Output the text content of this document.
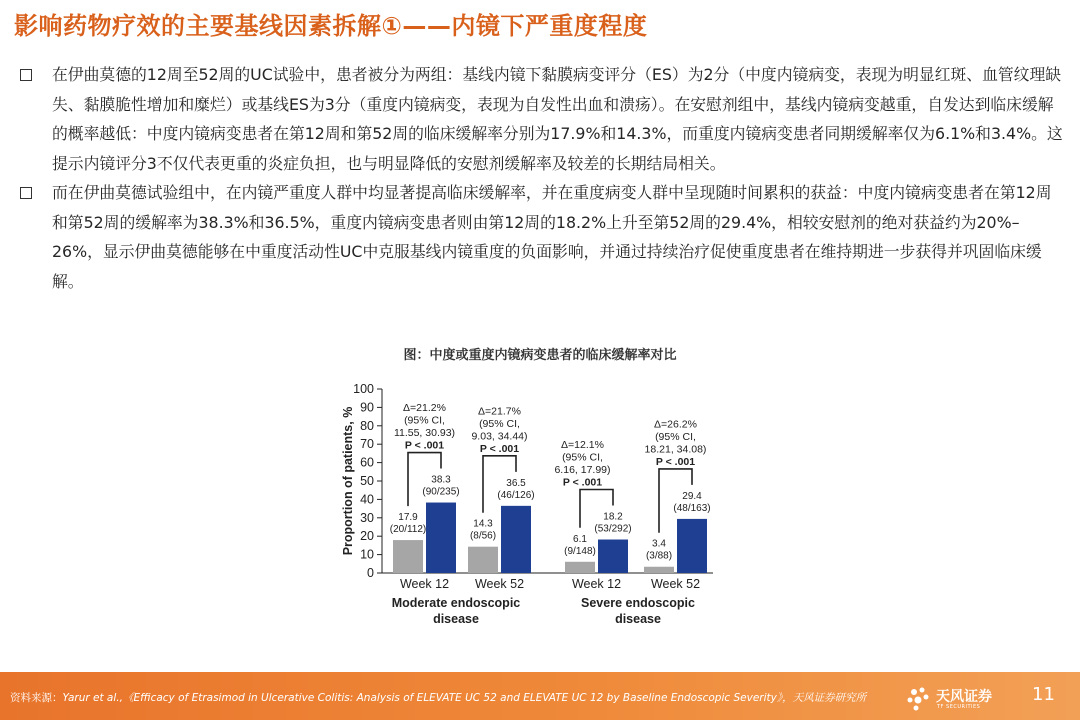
影响药物疗效的主要基线因素拆解①——内镜下严重度程度
在伊曲莫德的12周至52周的UC试验中，患者被分为两组：基线内镜下黏膜病变评分（ES）为2分（中度内镜病变，表现为明显红斑、血管纹理缺失、黏膜脆性增加和糜烂）或基线ES为3分（重度内镜病变，表现为自发性出血和溃疡）。在安慰剂组中，基线内镜病变越重，自发达到临床缓解的概率越低：中度内镜病变患者在第12周和第52周的临床缓解率分别为17.9%和14.3%，而重度内镜病变患者同期缓解率仅为6.1%和3.4%。这提示内镜评分3不仅代表更重的炎症负担，也与明显降低的安慰剂缓解率及较差的长期结局相关。
而在伊曲莫德试验组中，在内镜严重度人群中均显著提高临床缓解率，并在重度病变人群中呈现随时间累积的获益：中度内镜病变患者在第12周和第52周的缓解率为38.3%和36.5%，重度内镜病变患者则由第12周的18.2%上升至第52周的29.4%，相较安慰剂的绝对获益约为20%–26%，显示伊曲莫德能够在中重度活动性UC中克服基线内镜重度的负面影响，并通过持续治疗促使重度患者在维持期进一步获得并巩固临床缓解。
图：中度或重度内镜病变患者的临床缓解率对比
0
10
20
30
40
50
60
70
80
90
100
Proportion of patients, %	17.9
(20/112)
38.3
(90/235)
Δ=21.2%
(95% CI,
11.55, 30.93)
P < .001
Week 12
14.3
(8/56)
36.5
(46/126)
Δ=21.7%
(95% CI,
9.03, 34.44)
P < .001
Week 52
Moderate endoscopic
disease
6.1
(9/148)
18.2
(53/292)
Δ=12.1%
(95% CI,
6.16, 17.99)
P < .001
Week 12
3.4
(3/88)
29.4
(48/163)
Δ=26.2%
(95% CI,
18.21, 34.08)
P < .001
Week 52
Severe endoscopic
disease
资料来源：Yarur et al.,《Efficacy of Etrasimod in Ulcerative Colitis: Analysis of ELEVATE UC 52 and ELEVATE UC 12 by Baseline Endoscopic Severity》，天风证券研究所	天风证券
TF SECURITIES
11
